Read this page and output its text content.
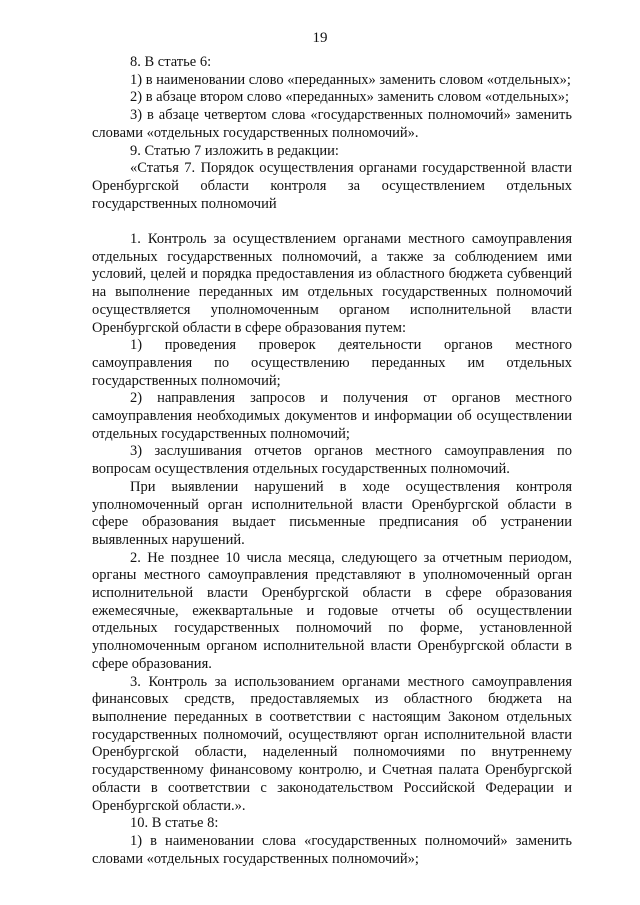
19

8. В статье 6:

1) в наименовании слово «переданных» заменить словом «отдельных»;

2) в абзаце втором слово «переданных» заменить словом «отдельных»;

3) в абзаце четвертом слова «государственных полномочий» заменить словами «отдельных государственных полномочий».

9. Статью 7 изложить в редакции:

«Статья 7. Порядок осуществления органами государственной власти Оренбургской области контроля за осуществлением отдельных государственных полномочий

1. Контроль за осуществлением органами местного самоуправления отдельных государственных полномочий, а также за соблюдением ими условий, целей и порядка предоставления из областного бюджета субвенций на выполнение переданных им отдельных государственных полномочий осуществляется уполномоченным органом исполнительной власти Оренбургской области в сфере образования путем:

1) проведения проверок деятельности органов местного самоуправления по осуществлению переданных им отдельных государственных полномочий;

2) направления запросов и получения от органов местного самоуправления необходимых документов и информации об осуществлении отдельных государственных полномочий;

3) заслушивания отчетов органов местного самоуправления по вопросам осуществления отдельных государственных полномочий.

При выявлении нарушений в ходе осуществления контроля уполномоченный орган исполнительной власти Оренбургской области в сфере образования выдает письменные предписания об устранении выявленных нарушений.

2. Не позднее 10 числа месяца, следующего за отчетным периодом, органы местного самоуправления представляют в уполномоченный орган исполнительной власти Оренбургской области в сфере образования ежемесячные, ежеквартальные и годовые отчеты об осуществлении отдельных государственных полномочий по форме, установленной уполномоченным органом исполнительной власти Оренбургской области в сфере образования.

3. Контроль за использованием органами местного самоуправления финансовых средств, предоставляемых из областного бюджета на выполнение переданных в соответствии с настоящим Законом отдельных государственных полномочий, осуществляют орган исполнительной власти Оренбургской области, наделенный полномочиями по внутреннему государственному финансовому контролю, и Счетная палата Оренбургской области в соответствии с законодательством Российской Федерации и Оренбургской области.».

10. В статье 8:

1) в наименовании слова «государственных полномочий» заменить словами «отдельных государственных полномочий»;
